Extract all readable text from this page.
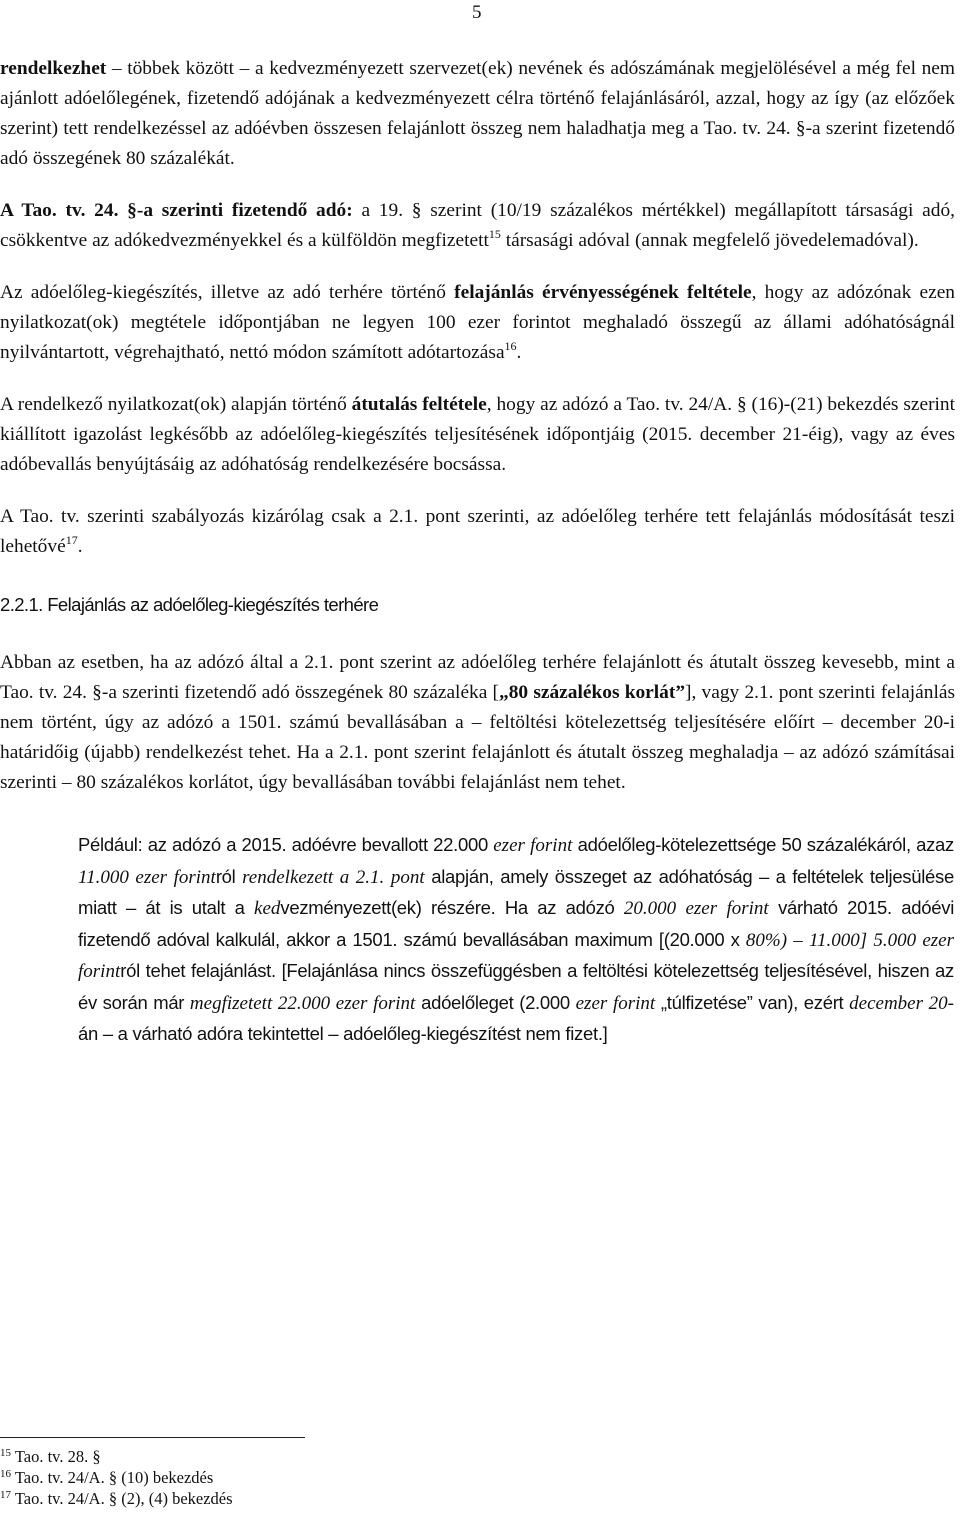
5

rendelkezhet – többek között – a kedvezményezett szervezet(ek) nevének és adószámának megjelölésével a még fel nem ajánlott adóelőlegének, fizetendő adójának a kedvezményezett célra történő felajánlásáról, azzal, hogy az így (az előzőek szerint) tett rendelkezéssel az adóévben összesen felajánlott összeg nem haladhatja meg a Tao. tv. 24. §-a szerint fizetendő adó összegének 80 százalékát.

A Tao. tv. 24. §-a szerinti fizetendő adó: a 19. § szerint (10/19 százalékos mértékkel) megállapított társasági adó, csökkentve az adókedvezményekkel és a külföldön megfizetett$^{15}$ társasági adóval (annak megfelelő jövedelemadóval).

Az adóelőleg-kiegészítés, illetve az adó terhére történő felajánlás érvényességének feltétele, hogy az adózónak ezen nyilatkozat(ok) megtétele időpontjában ne legyen 100 ezer forintot meghaladó összegű az állami adóhatóságnál nyilvántartott, végrehajtható, nettó módon számított adótartozása$^{16}$.

A rendelkező nyilatkozat(ok) alapján történő átutalás feltétele, hogy az adózó a Tao. tv. 24/A. § (16)-(21) bekezdés szerint kiállított igazolást legkésőbb az adóelőleg-kiegészítés teljesítésének időpontjáig (2015. december 21-éig), vagy az éves adóbevallás benyújtásáig az adóhatóság rendelkezésére bocsássa.

A Tao. tv. szerinti szabályozás kizárólag csak a 2.1. pont szerinti, az adóelőleg terhére tett felajánlás módosítását teszi lehetővé$^{17}$.

2.2.1. Felajánlás az adóelőleg-kiegészítés terhére

Abban az esetben, ha az adózó által a 2.1. pont szerint az adóelőleg terhére felajánlott és átutalt összeg kevesebb, mint a Tao. tv. 24. §-a szerinti fizetendő adó összegének 80 százaléka [„80 százalékos korlát”], vagy 2.1. pont szerinti felajánlás nem történt, úgy az adózó a 1501. számú bevallásában a – feltöltési kötelezettség teljesítésére előírt – december 20-i határidőig (újabb) rendelkezést tehet. Ha a 2.1. pont szerint felajánlott és átutalt összeg meghaladja – az adózó számításai szerinti – 80 százalékos korlátot, úgy bevallásában további felajánlást nem tehet.

Például: az adózó a 2015. adóévre bevallott 22.000 ezer forint adóelőleg-kötelezettsége 50 százalékáról, azaz 11.000 ezer forintról rendelkezett a 2.1. pont alapján, amely összeget az adóhatóság – a feltételek teljesülése miatt – át is utalt a kedvezményezett(ek) részére. Ha az adózó 20.000 ezer forint várható 2015. adóévi fizetendő adóval kalkulál, akkor a 1501. számú bevallásában maximum [(20.000 x 80%) – 11.000] 5.000 ezer forintról tehet felajánlást. [Felajánlása nincs összefüggésben a feltöltési kötelezettség teljesítésével, hiszen az év során már megfizetett 22.000 ezer forint adóelőleget (2.000 ezer forint „túlfizetése” van), ezért december 20-án – a várható adóra tekintettel – adóelőleg-kiegészítést nem fizet.]
$^{15}$ Tao. tv. 28. §
$^{16}$ Tao. tv. 24/A. § (10) bekezdés
$^{17}$ Tao. tv. 24/A. § (2), (4) bekezdés
